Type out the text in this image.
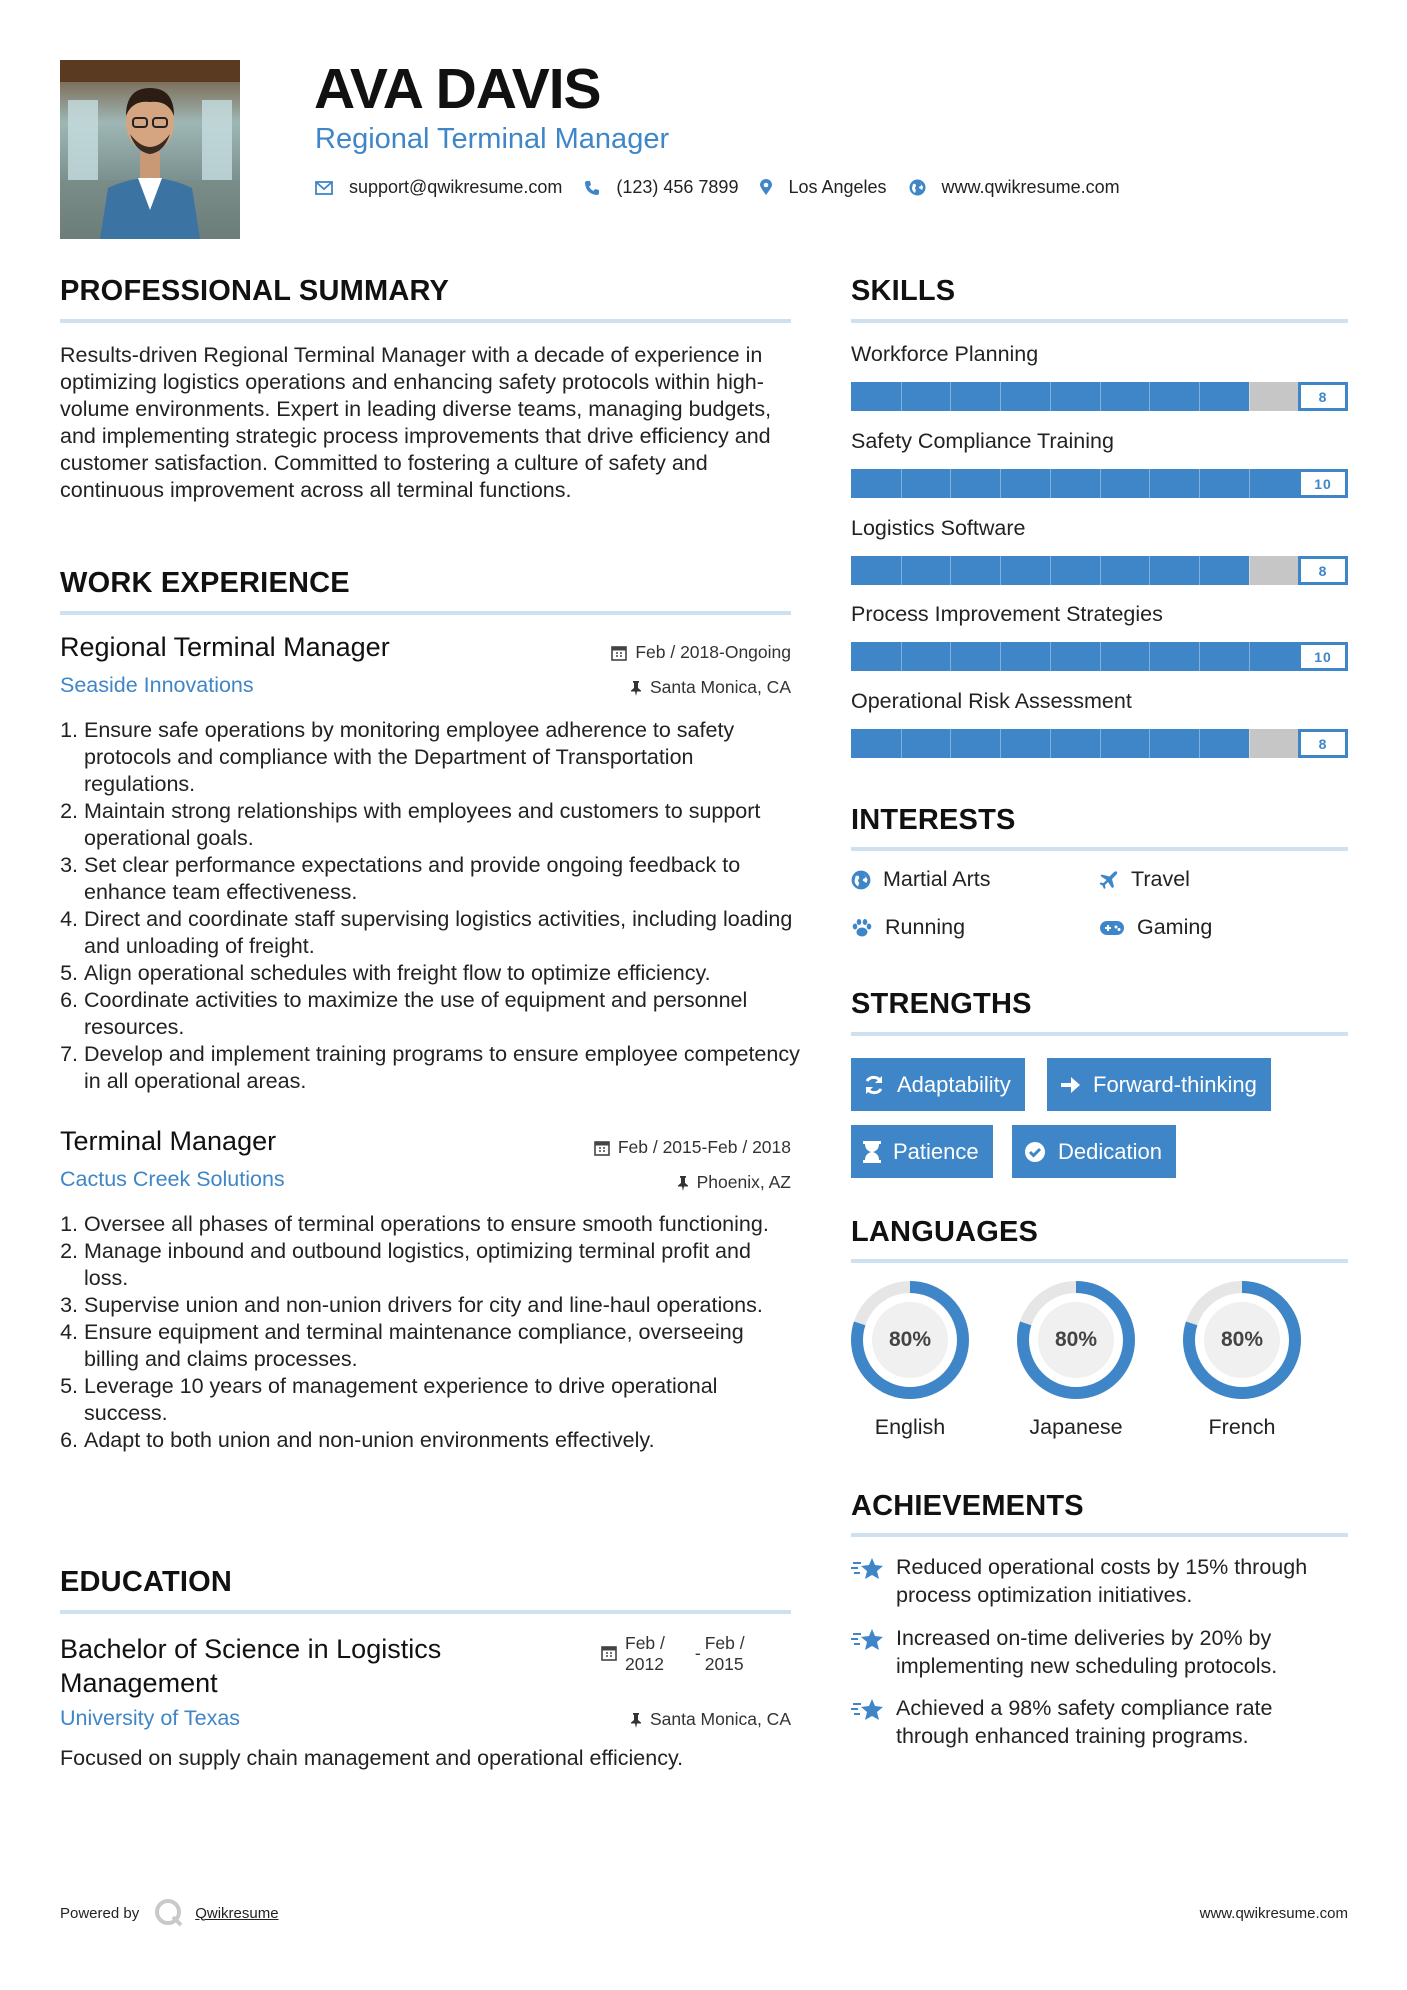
AVA DAVIS
Regional Terminal Manager
support@qwikresume.com	(123) 456 7899	Los Angeles	www.qwikresume.com
PROFESSIONAL SUMMARY
Results-driven Regional Terminal Manager with a decade of experience in optimizing logistics operations and enhancing safety protocols within high-volume environments. Expert in leading diverse teams, managing budgets, and implementing strategic process improvements that drive efficiency and customer satisfaction. Committed to fostering a culture of safety and continuous improvement across all terminal functions.
WORK EXPERIENCE
Regional Terminal Manager	Feb / 2018-Ongoing
Seaside Innovations	Santa Monica, CA
1. Ensure safe operations by monitoring employee adherence to safety protocols and compliance with the Department of Transportation regulations.
2. Maintain strong relationships with employees and customers to support operational goals.
3. Set clear performance expectations and provide ongoing feedback to enhance team effectiveness.
4. Direct and coordinate staff supervising logistics activities, including loading and unloading of freight.
5. Align operational schedules with freight flow to optimize efficiency.
6. Coordinate activities to maximize the use of equipment and personnel resources.
7. Develop and implement training programs to ensure employee competency in all operational areas.
Terminal Manager	Feb / 2015-Feb / 2018
Cactus Creek Solutions	Phoenix, AZ
1. Oversee all phases of terminal operations to ensure smooth functioning.
2. Manage inbound and outbound logistics, optimizing terminal profit and loss.
3. Supervise union and non-union drivers for city and line-haul operations.
4. Ensure equipment and terminal maintenance compliance, overseeing billing and claims processes.
5. Leverage 10 years of management experience to drive operational success.
6. Adapt to both union and non-union environments effectively.
EDUCATION
Bachelor of Science in Logistics
Management
Feb /
2012
- Feb /
2015
University of Texas	Santa Monica, CA
Focused on supply chain management and operational efficiency.
SKILLS
Workforce Planning
8
Safety Compliance Training
10
Logistics Software
8
Process Improvement Strategies
10
Operational Risk Assessment
8
INTERESTS
Martial Arts	Travel
Running	Gaming
STRENGTHS
Adaptability	Forward-thinking
Patience	Dedication
LANGUAGES
80%
English
80%
Japanese
80%
French
ACHIEVEMENTS
Reduced operational costs by 15% through process optimization initiatives.
Increased on-time deliveries by 20% by implementing new scheduling protocols.
Achieved a 98% safety compliance rate through enhanced training programs.
Powered by	Qwikresume	www.qwikresume.com
